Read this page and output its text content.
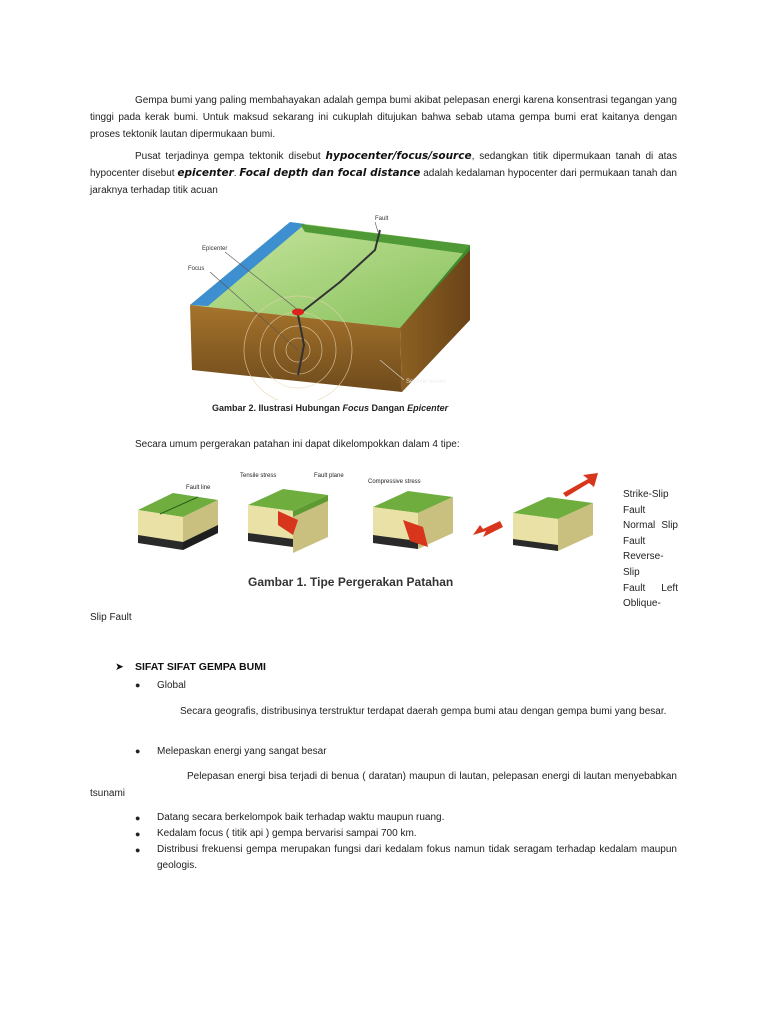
Gempa bumi yang paling membahayakan adalah gempa bumi akibat pelepasan energi karena konsentrasi tegangan yang tinggi pada kerak bumi. Untuk maksud sekarang ini cukuplah ditujukan bahwa sebab utama gempa bumi erat kaitanya dengan proses tektonik lautan dipermukaan bumi.

Pusat terjadinya gempa tektonik disebut hypocenter/focus/source, sedangkan titik dipermukaan tanah di atas hypocenter disebut epicenter. Focal depth dan focal distance adalah kedalaman hypocenter dari permukaan tanah dan jaraknya terhadap titik acuan

Fault
Epicenter
Focus
Seismic waves
Gambar 2. Ilustrasi Hubungan Focus Dangan Epicenter

Secara umum pergerakan patahan ini dapat dikelompokkan dalam 4 tipe:

Fault line
Tensile stress	Fault plane
Compressive stress
Gambar 1. Tipe Pergerakan Patahan
Strike-Slip
Fault
Normal Slip
Fault
Reverse-
Slip
Fault Left
Oblique-
Slip Fault
➤ SIFAT SIFAT GEMPA BUMI
● Global

Secara geografis, distribusinya terstruktur terdapat daerah gempa bumi atau dengan gempa bumi yang besar.

● Melepaskan energi yang sangat besar

Pelepasan energi bisa terjadi di benua ( daratan) maupun di lautan, pelepasan energi di lautan menyebabkan tsunami

●	Datang secara berkelompok baik terhadap waktu maupun ruang.
●	Kedalam focus ( titik api ) gempa bervarisi sampai 700 km.
●	Distribusi frekuensi gempa merupakan fungsi dari kedalam fokus namun tidak seragam terhadap kedalam maupun geologis.
